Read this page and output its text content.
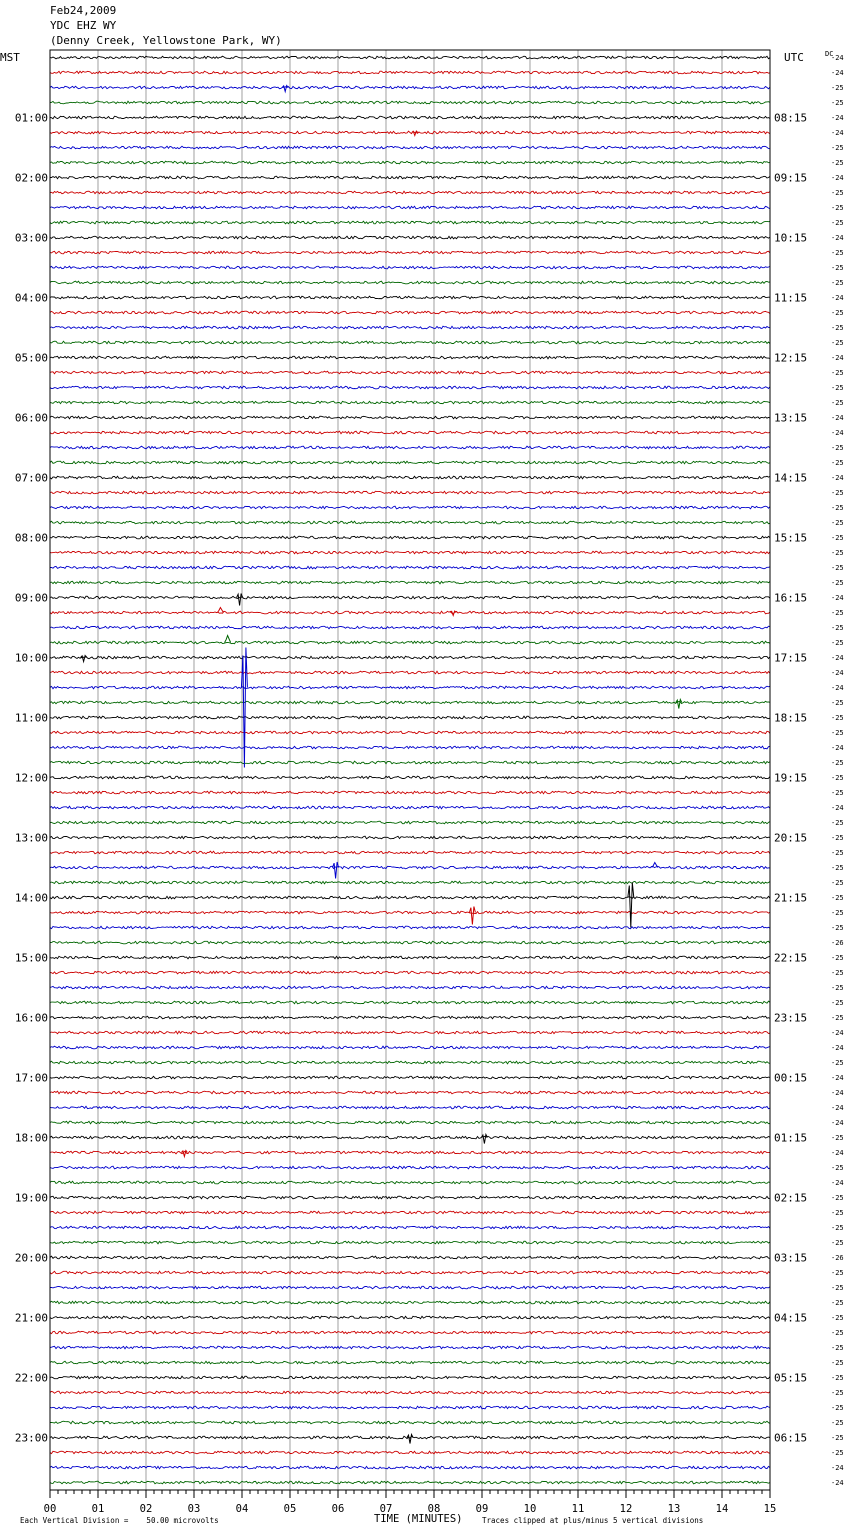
Feb24,2009
YDC EHZ WY
(Denny Creek, Yellowstone Park, WY)
00	01	02	03	04	05	06	07	08	09	10	11	12	13	14	15
01:00
02:00
03:00
04:00
05:00
06:00
07:00
08:00
09:00
10:00
11:00
12:00
13:00
14:00
15:00
16:00
17:00
18:00
19:00
20:00
21:00
22:00
23:00
08:15
09:15
10:15
11:15
12:15
13:15
14:15
15:15
16:15
17:15
18:15
19:15
20:15
21:15
22:15
23:15
00:15
01:15
02:15
03:15
04:15
05:15
06:15
-24
-24
-25
-25
-24
-24
-25
-25
-24
-25
-25
-25
-24
-25
-25
-25
-24
-25
-25
-25
-24
-25
-25
-25
-24
-24
-25
-25
-24
-25
-25
-25
-25
-25
-25
-25
-24
-25
-25
-25
-24
-24
-24
-25
-25
-25
-24
-25
-25
-25
-24
-25
-25
-25
-25
-25
-25
-25
-25
-26
-25
-25
-25
-25
-25
-24
-24
-25
-24
-24
-24
-24
-25
-24
-25
-24
-25
-25
-25
-25
-26
-25
-25
-25
-25
-25
-25
-25
-25
-25
-25
-25
-25
-25
-24
-24
MST	UTC	DC
Each Vertical Division =    50.00 microvolts	TIME (MINUTES)	Traces clipped at plus/minus 5 vertical divisions
